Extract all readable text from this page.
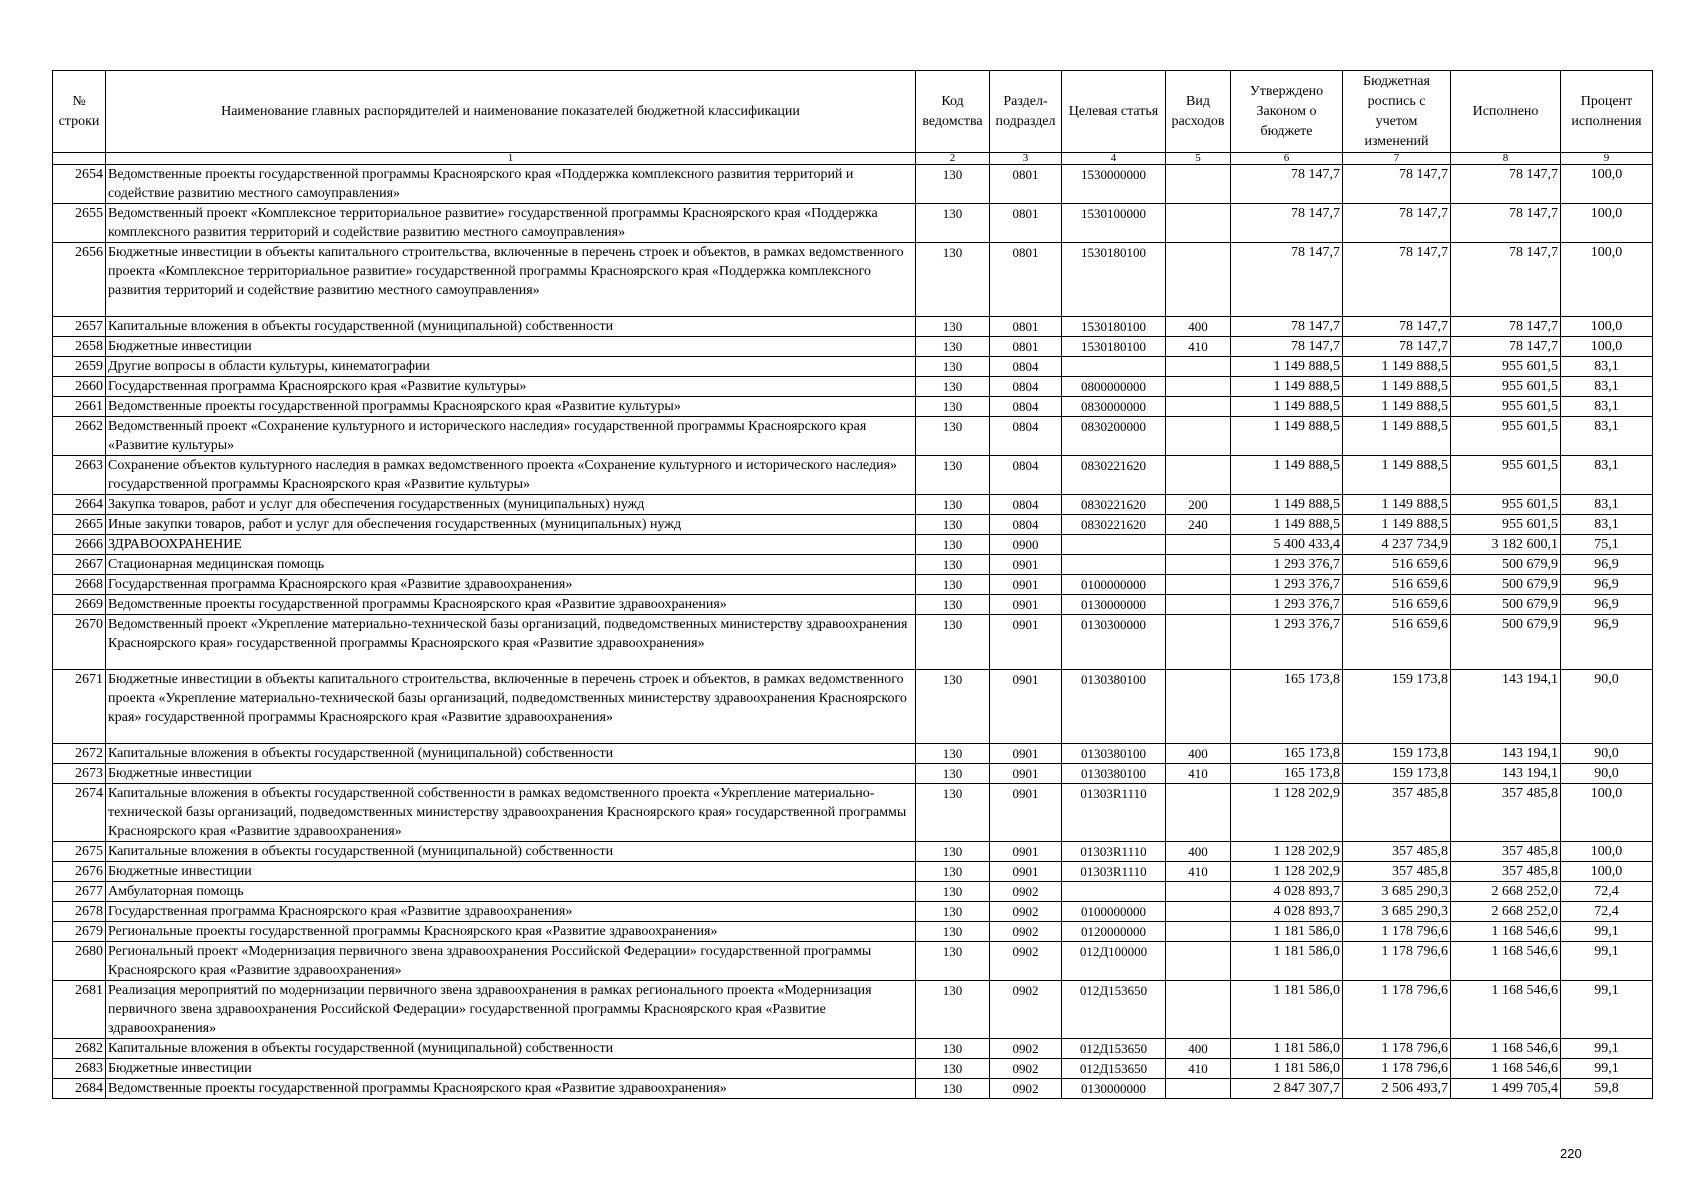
№ строки	Наименование главных распорядителей и наименование показателей бюджетной классификации	Код ведомства	Раздел-подраздел	Целевая статья	Вид расходов	Утверждено Законом о бюджете	Бюджетная роспись с учетом изменений	Исполнено	Процент исполнения
	1	2	3	4	5	6	7	8	9
2654	Ведомственные проекты государственной программы Красноярского края «Поддержка комплексного развития территорий и содействие развитию местного самоуправления»	130	0801	1530000000		78 147,7	78 147,7	78 147,7	100,0
2655	Ведомственный проект «Комплексное территориальное развитие» государственной программы Красноярского края «Поддержка комплексного развития территорий и содействие развитию местного самоуправления»	130	0801	1530100000		78 147,7	78 147,7	78 147,7	100,0
2656	Бюджетные инвестиции в объекты капитального строительства, включенные в перечень строек и объектов, в рамках ведомственного проекта «Комплексное территориальное развитие» государственной программы Красноярского края «Поддержка комплексного развития территорий и содействие развитию местного самоуправления»	130	0801	1530180100		78 147,7	78 147,7	78 147,7	100,0
2657	Капитальные вложения в объекты государственной (муниципальной) собственности	130	0801	1530180100	400	78 147,7	78 147,7	78 147,7	100,0
2658	Бюджетные инвестиции	130	0801	1530180100	410	78 147,7	78 147,7	78 147,7	100,0
2659	Другие вопросы в области культуры, кинематографии	130	0804			1 149 888,5	1 149 888,5	955 601,5	83,1
2660	Государственная программа Красноярского края «Развитие культуры»	130	0804	0800000000		1 149 888,5	1 149 888,5	955 601,5	83,1
2661	Ведомственные проекты государственной программы Красноярского края «Развитие культуры»	130	0804	0830000000		1 149 888,5	1 149 888,5	955 601,5	83,1
2662	Ведомственный проект «Сохранение культурного и исторического наследия» государственной программы Красноярского края «Развитие культуры»	130	0804	0830200000		1 149 888,5	1 149 888,5	955 601,5	83,1
2663	Сохранение объектов культурного наследия в рамках ведомственного проекта «Сохранение культурного и исторического наследия» государственной программы Красноярского края «Развитие культуры»	130	0804	0830221620		1 149 888,5	1 149 888,5	955 601,5	83,1
2664	Закупка товаров, работ и услуг для обеспечения государственных (муниципальных) нужд	130	0804	0830221620	200	1 149 888,5	1 149 888,5	955 601,5	83,1
2665	Иные закупки товаров, работ и услуг для обеспечения государственных (муниципальных) нужд	130	0804	0830221620	240	1 149 888,5	1 149 888,5	955 601,5	83,1
2666	ЗДРАВООХРАНЕНИЕ	130	0900			5 400 433,4	4 237 734,9	3 182 600,1	75,1
2667	Стационарная медицинская помощь	130	0901			1 293 376,7	516 659,6	500 679,9	96,9
2668	Государственная программа Красноярского края «Развитие здравоохранения»	130	0901	0100000000		1 293 376,7	516 659,6	500 679,9	96,9
2669	Ведомственные проекты государственной программы Красноярского края «Развитие здравоохранения»	130	0901	0130000000		1 293 376,7	516 659,6	500 679,9	96,9
2670	Ведомственный проект «Укрепление материально-технической базы организаций, подведомственных министерству здравоохранения Красноярского края» государственной программы Красноярского края «Развитие здравоохранения»	130	0901	0130300000		1 293 376,7	516 659,6	500 679,9	96,9
2671	Бюджетные инвестиции в объекты капитального строительства, включенные в перечень строек и объектов, в рамках ведомственного проекта «Укрепление материально-технической базы организаций, подведомственных министерству здравоохранения Красноярского края» государственной программы Красноярского края «Развитие здравоохранения»	130	0901	0130380100		165 173,8	159 173,8	143 194,1	90,0
2672	Капитальные вложения в объекты государственной (муниципальной) собственности	130	0901	0130380100	400	165 173,8	159 173,8	143 194,1	90,0
2673	Бюджетные инвестиции	130	0901	0130380100	410	165 173,8	159 173,8	143 194,1	90,0
2674	Капитальные вложения в объекты государственной собственности в рамках ведомственного проекта «Укрепление материально-технической базы организаций, подведомственных министерству здравоохранения Красноярского края» государственной программы Красноярского края «Развитие здравоохранения»	130	0901	01303R1110		1 128 202,9	357 485,8	357 485,8	100,0
2675	Капитальные вложения в объекты государственной (муниципальной) собственности	130	0901	01303R1110	400	1 128 202,9	357 485,8	357 485,8	100,0
2676	Бюджетные инвестиции	130	0901	01303R1110	410	1 128 202,9	357 485,8	357 485,8	100,0
2677	Амбулаторная помощь	130	0902			4 028 893,7	3 685 290,3	2 668 252,0	72,4
2678	Государственная программа Красноярского края «Развитие здравоохранения»	130	0902	0100000000		4 028 893,7	3 685 290,3	2 668 252,0	72,4
2679	Региональные проекты государственной программы Красноярского края «Развитие здравоохранения»	130	0902	0120000000		1 181 586,0	1 178 796,6	1 168 546,6	99,1
2680	Региональный проект «Модернизация первичного звена здравоохранения Российской Федерации» государственной программы Красноярского края «Развитие здравоохранения»	130	0902	012Д100000		1 181 586,0	1 178 796,6	1 168 546,6	99,1
2681	Реализация мероприятий по модернизации первичного звена здравоохранения в рамках регионального проекта «Модернизация первичного звена здравоохранения Российской Федерации» государственной программы Красноярского края «Развитие здравоохранения»	130	0902	012Д153650		1 181 586,0	1 178 796,6	1 168 546,6	99,1
2682	Капитальные вложения в объекты государственной (муниципальной) собственности	130	0902	012Д153650	400	1 181 586,0	1 178 796,6	1 168 546,6	99,1
2683	Бюджетные инвестиции	130	0902	012Д153650	410	1 181 586,0	1 178 796,6	1 168 546,6	99,1
2684	Ведомственные проекты государственной программы Красноярского края «Развитие здравоохранения»	130	0902	0130000000		2 847 307,7	2 506 493,7	1 499 705,4	59,8
220
